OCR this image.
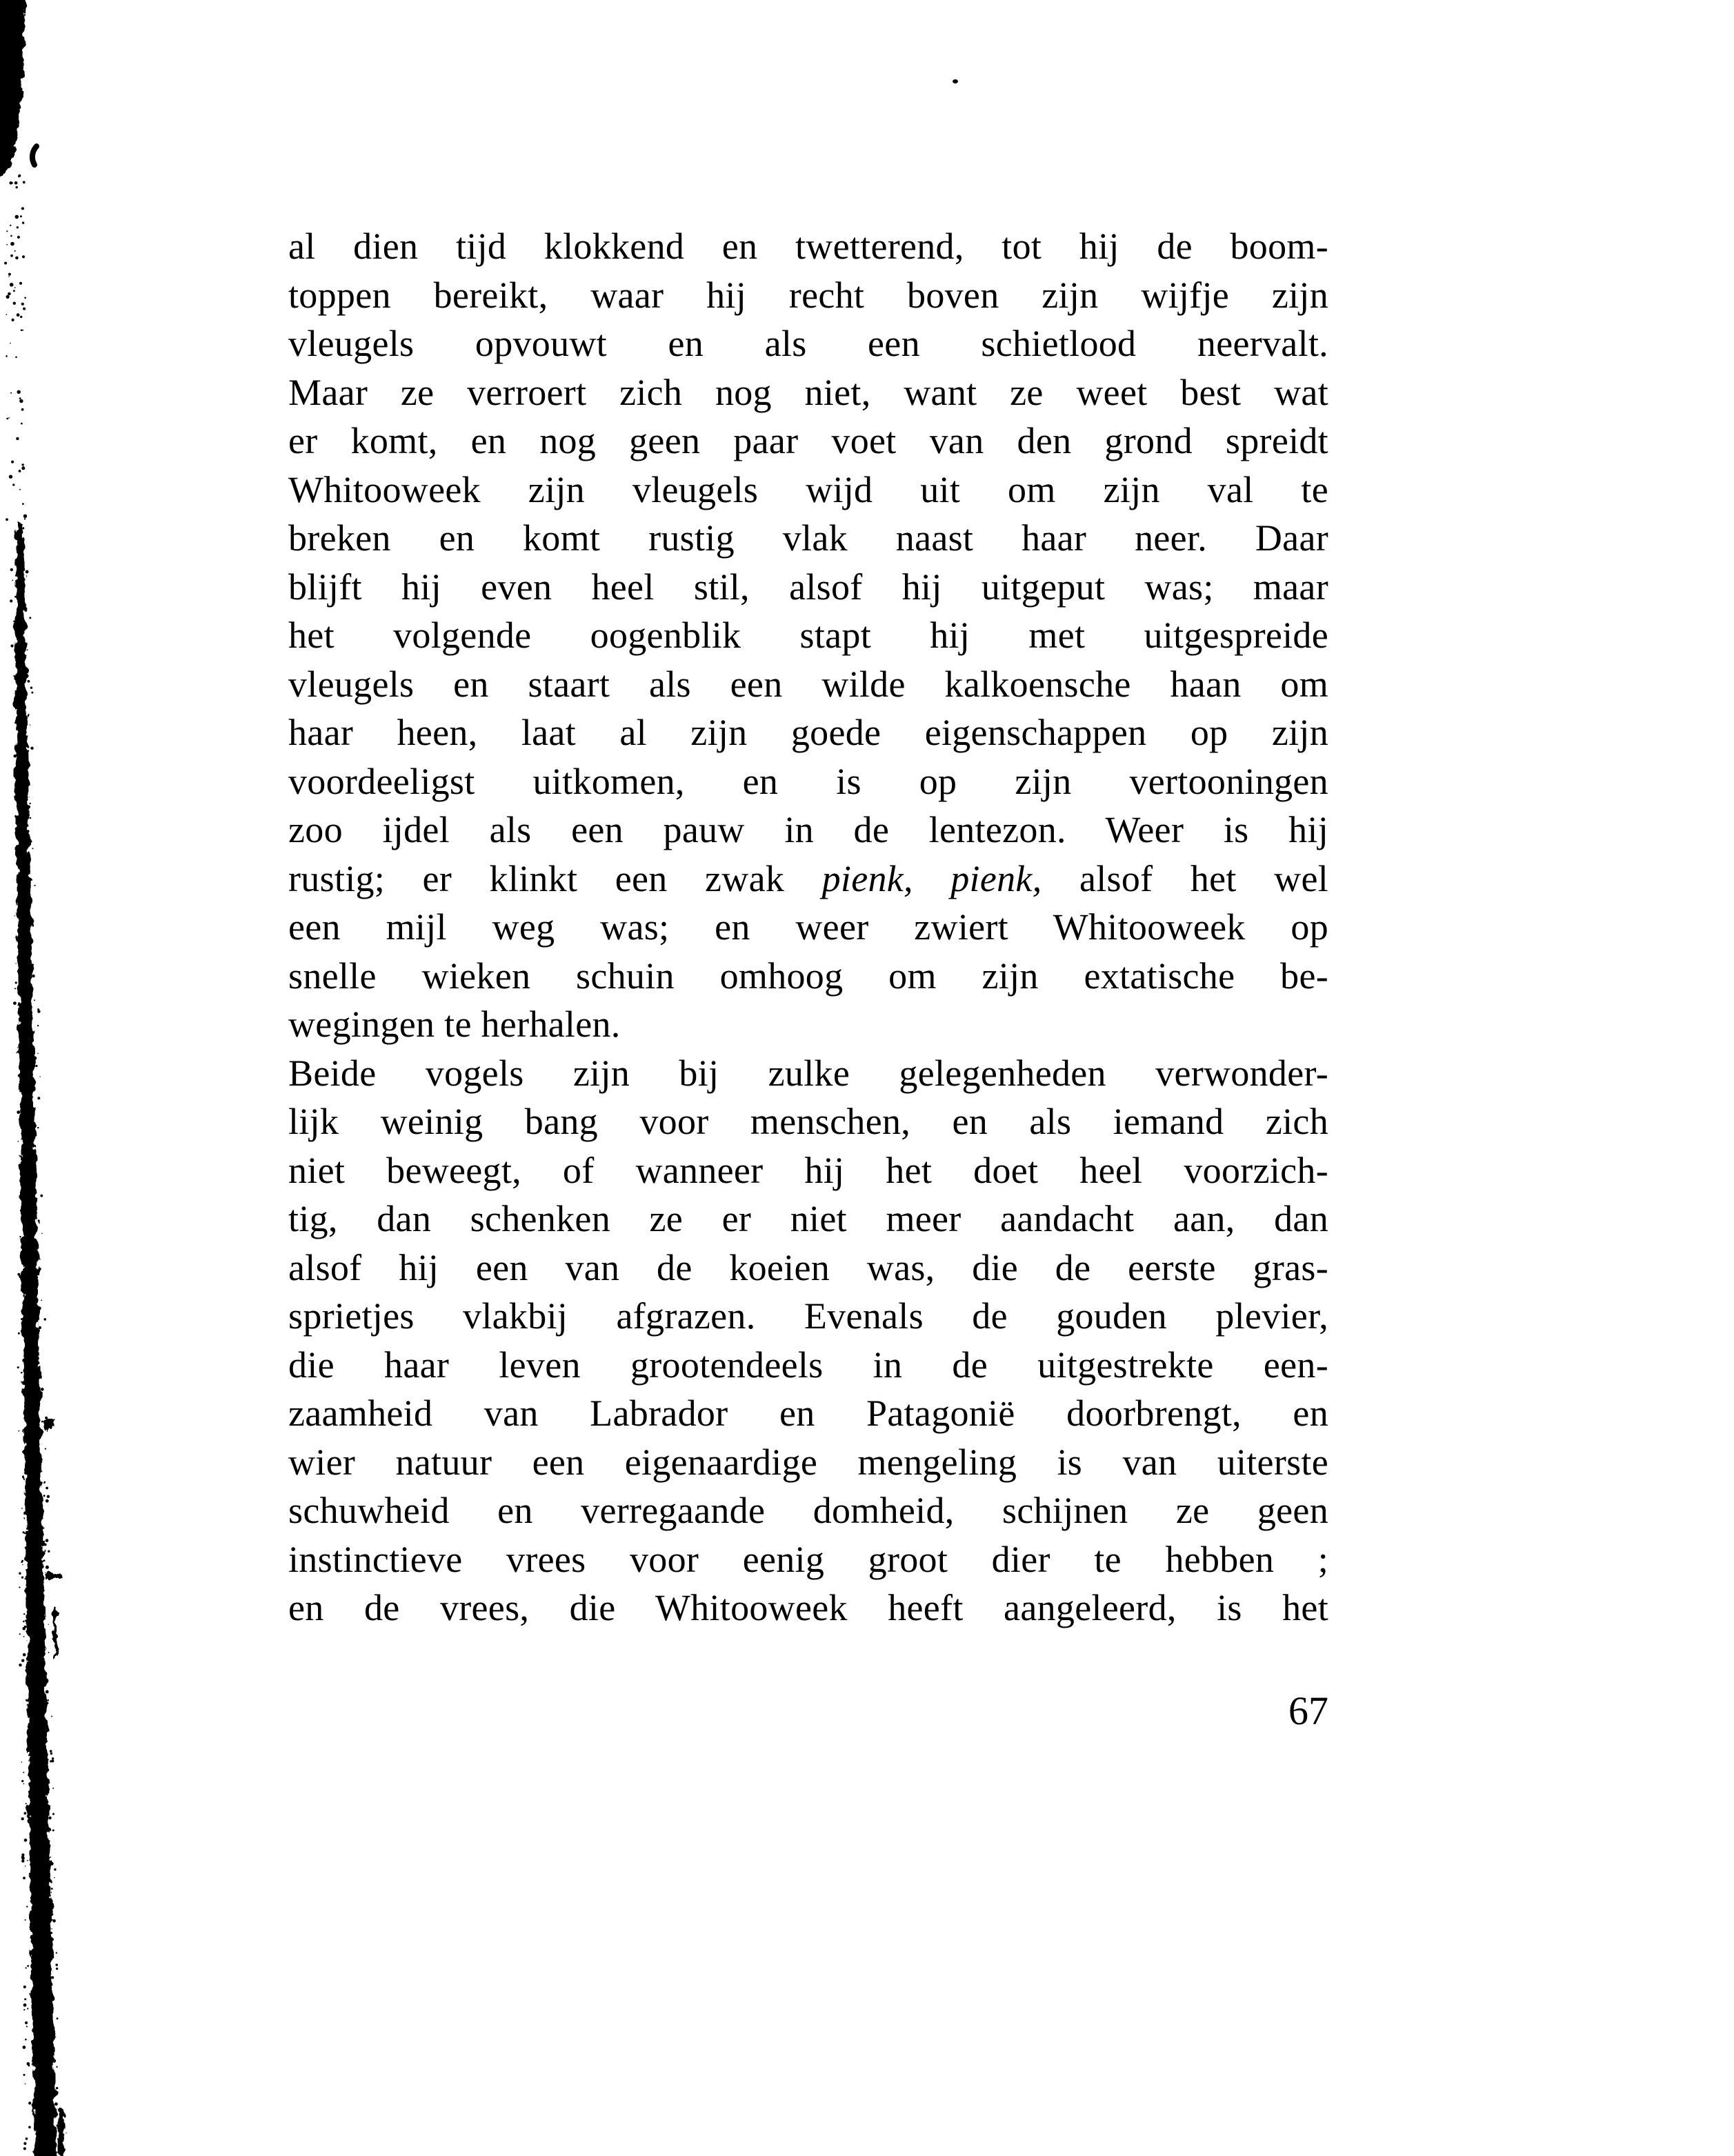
al dien tijd klokkend en twetterend, tot hij de boom-
toppen bereikt, waar hij recht boven zijn wijfje zijn
vleugels opvouwt en als een schietlood neervalt.
Maar ze verroert zich nog niet, want ze weet best wat
er komt, en nog geen paar voet van den grond spreidt
Whitooweek zijn vleugels wijd uit om zijn val te
breken en komt rustig vlak naast haar neer. Daar
blijft hij even heel stil, alsof hij uitgeput was; maar
het volgende oogenblik stapt hij met uitgespreide
vleugels en staart als een wilde kalkoensche haan om
haar heen, laat al zijn goede eigenschappen op zijn
voordeeligst uitkomen, en is op zijn vertooningen
zoo ijdel als een pauw in de lentezon. Weer is hij
rustig; er klinkt een zwak pienk, pienk, alsof het wel
een mijl weg was; en weer zwiert Whitooweek op
snelle wieken schuin omhoog om zijn extatische be-
wegingen te herhalen.
Beide vogels zijn bij zulke gelegenheden verwonder-
lijk weinig bang voor menschen, en als iemand zich
niet beweegt, of wanneer hij het doet heel voorzich-
tig, dan schenken ze er niet meer aandacht aan, dan
alsof hij een van de koeien was, die de eerste gras-
sprietjes vlakbij afgrazen. Evenals de gouden plevier,
die haar leven grootendeels in de uitgestrekte een-
zaamheid van Labrador en Patagonië doorbrengt, en
wier natuur een eigenaardige mengeling is van uiterste
schuwheid en verregaande domheid, schijnen ze geen
instinctieve vrees voor eenig groot dier te hebben ;
en de vrees, die Whitooweek heeft aangeleerd, is het
67
